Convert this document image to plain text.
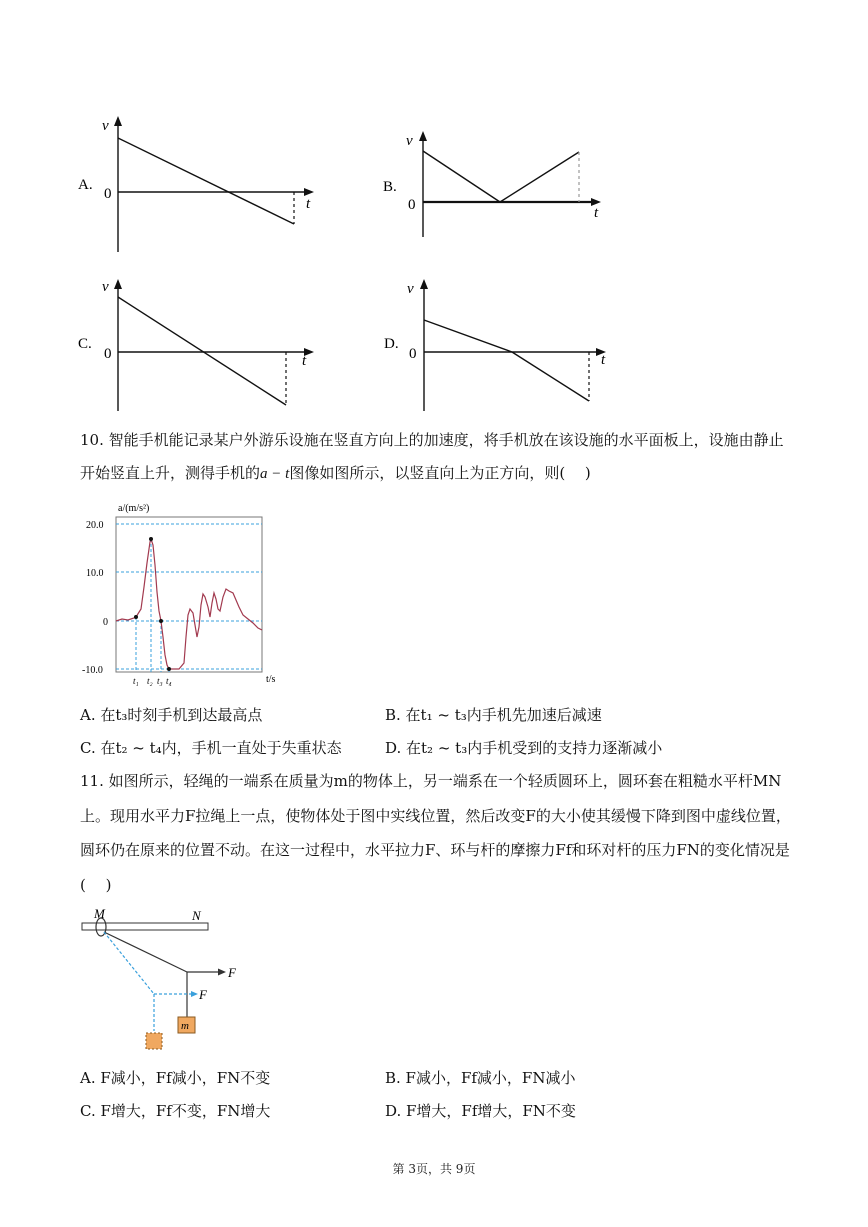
v
0
t
A.
v
0	t
B.
v
0	t
C.
v
0	t
D.
10. 智能手机能记录某户外游乐设施在竖直方向上的加速度，将手机放在该设施的水平面板上，设施由静止
开始竖直上升，测得手机的a − t图像如图所示，以竖直向上为正方向，则(　 )
a/(m/s²)
20.0
10.0
0
-10.0
t₁ t₂ t₃ t₄	t/s
A. 在t₃时刻手机到达最高点	B. 在t₁ ~ t₃内手机先加速后减速
C. 在t₂ ~ t₄内，手机一直处于失重状态	D. 在t₂ ~ t₃内手机受到的支持力逐渐减小
11. 如图所示，轻绳的一端系在质量为m的物体上，另一端系在一个轻质圆环上，圆环套在粗糙水平杆MN
上。现用水平力F拉绳上一点，使物体处于图中实线位置，然后改变F的大小使其缓慢下降到图中虚线位置，
圆环仍在原来的位置不动。在这一过程中，水平拉力F、环与杆的摩擦力Ff和环对杆的压力FN的变化情况是
(　 )
M	N
F
F
m
A. F减小，Ff减小，FN不变	B. F减小，Ff减小，FN减小
C. F增大，Ff不变，FN增大	D. F增大，Ff增大，FN不变
第 3页，共 9页
